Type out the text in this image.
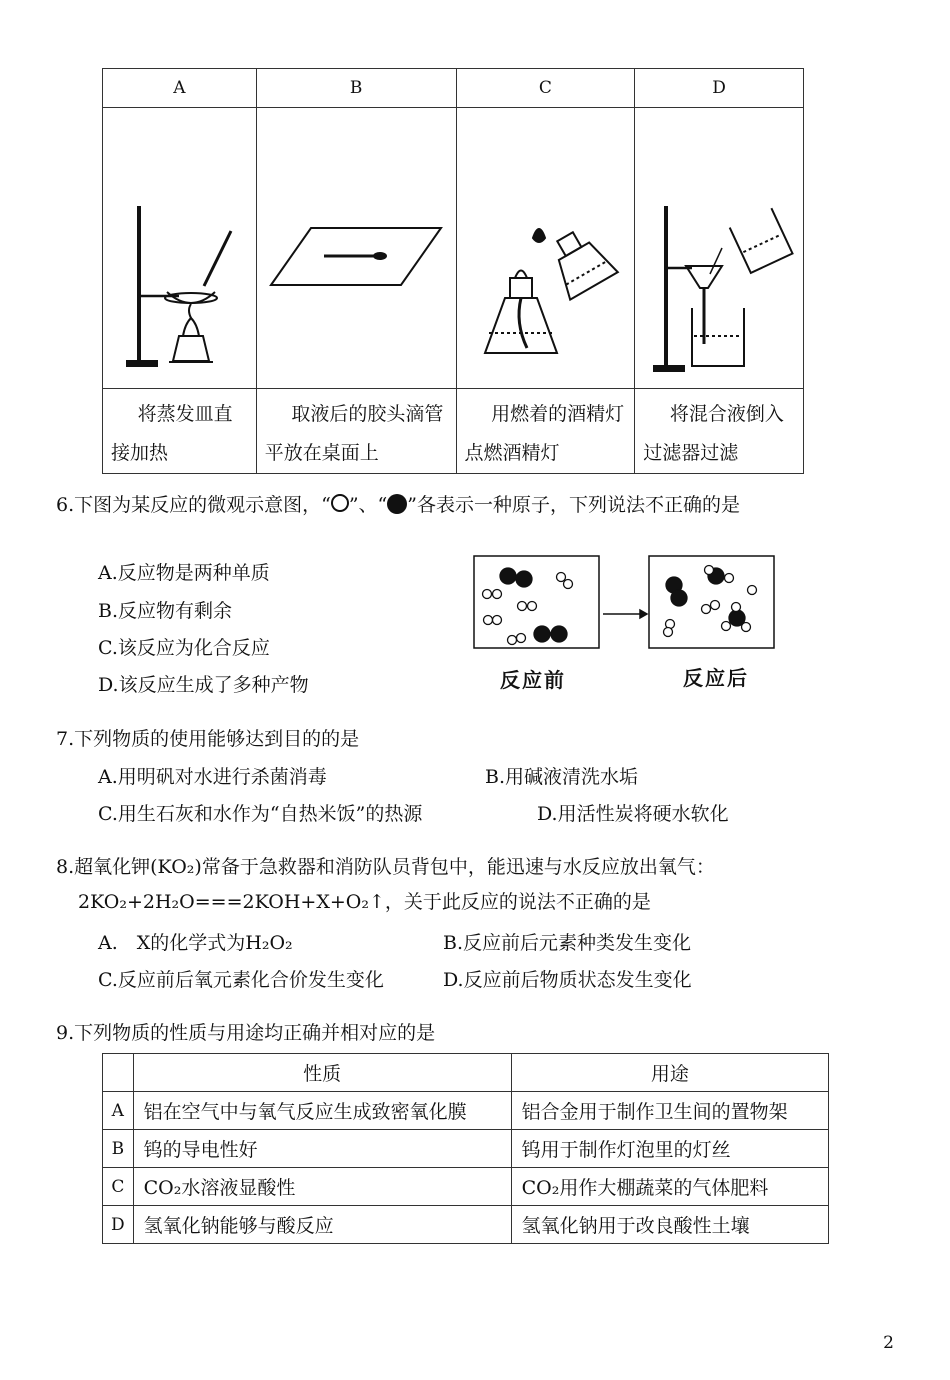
A	B	C	D

将蒸发皿直接加热	取液后的胶头滴管平放在桌面上	用燃着的酒精灯点燃酒精灯	将混合液倒入过滤器过滤
6.下图为某反应的微观示意图，“ ”、“ ”各表示一种原子，下列说法不正确的是
A.反应物是两种单质
B.反应物有剩余
C.该反应为化合反应
D.该反应生成了多种产物	反应前	反应后
7.下列物质的使用能够达到目的的是
A.用明矾对水进行杀菌消毒	B.用碱液清洗水垢
C.用生石灰和水作为“自热米饭”的热源	D.用活性炭将硬水软化
8.超氧化钾(KO₂)常备于急救器和消防队员背包中，能迅速与水反应放出氧气：
2KO₂+2H₂O===2KOH+X+O₂↑，关于此反应的说法不正确的是
A.　X的化学式为H₂O₂	B.反应前后元素种类发生变化
C.反应前后氧元素化合价发生变化	D.反应前后物质状态发生变化
9.下列物质的性质与用途均正确并相对应的是
	性质	用途
A	铝在空气中与氧气反应生成致密氧化膜	铝合金用于制作卫生间的置物架
B	钨的导电性好	钨用于制作灯泡里的灯丝
C	CO₂水溶液显酸性	CO₂用作大棚蔬菜的气体肥料
D	氢氧化钠能够与酸反应	氢氧化钠用于改良酸性土壤
2
